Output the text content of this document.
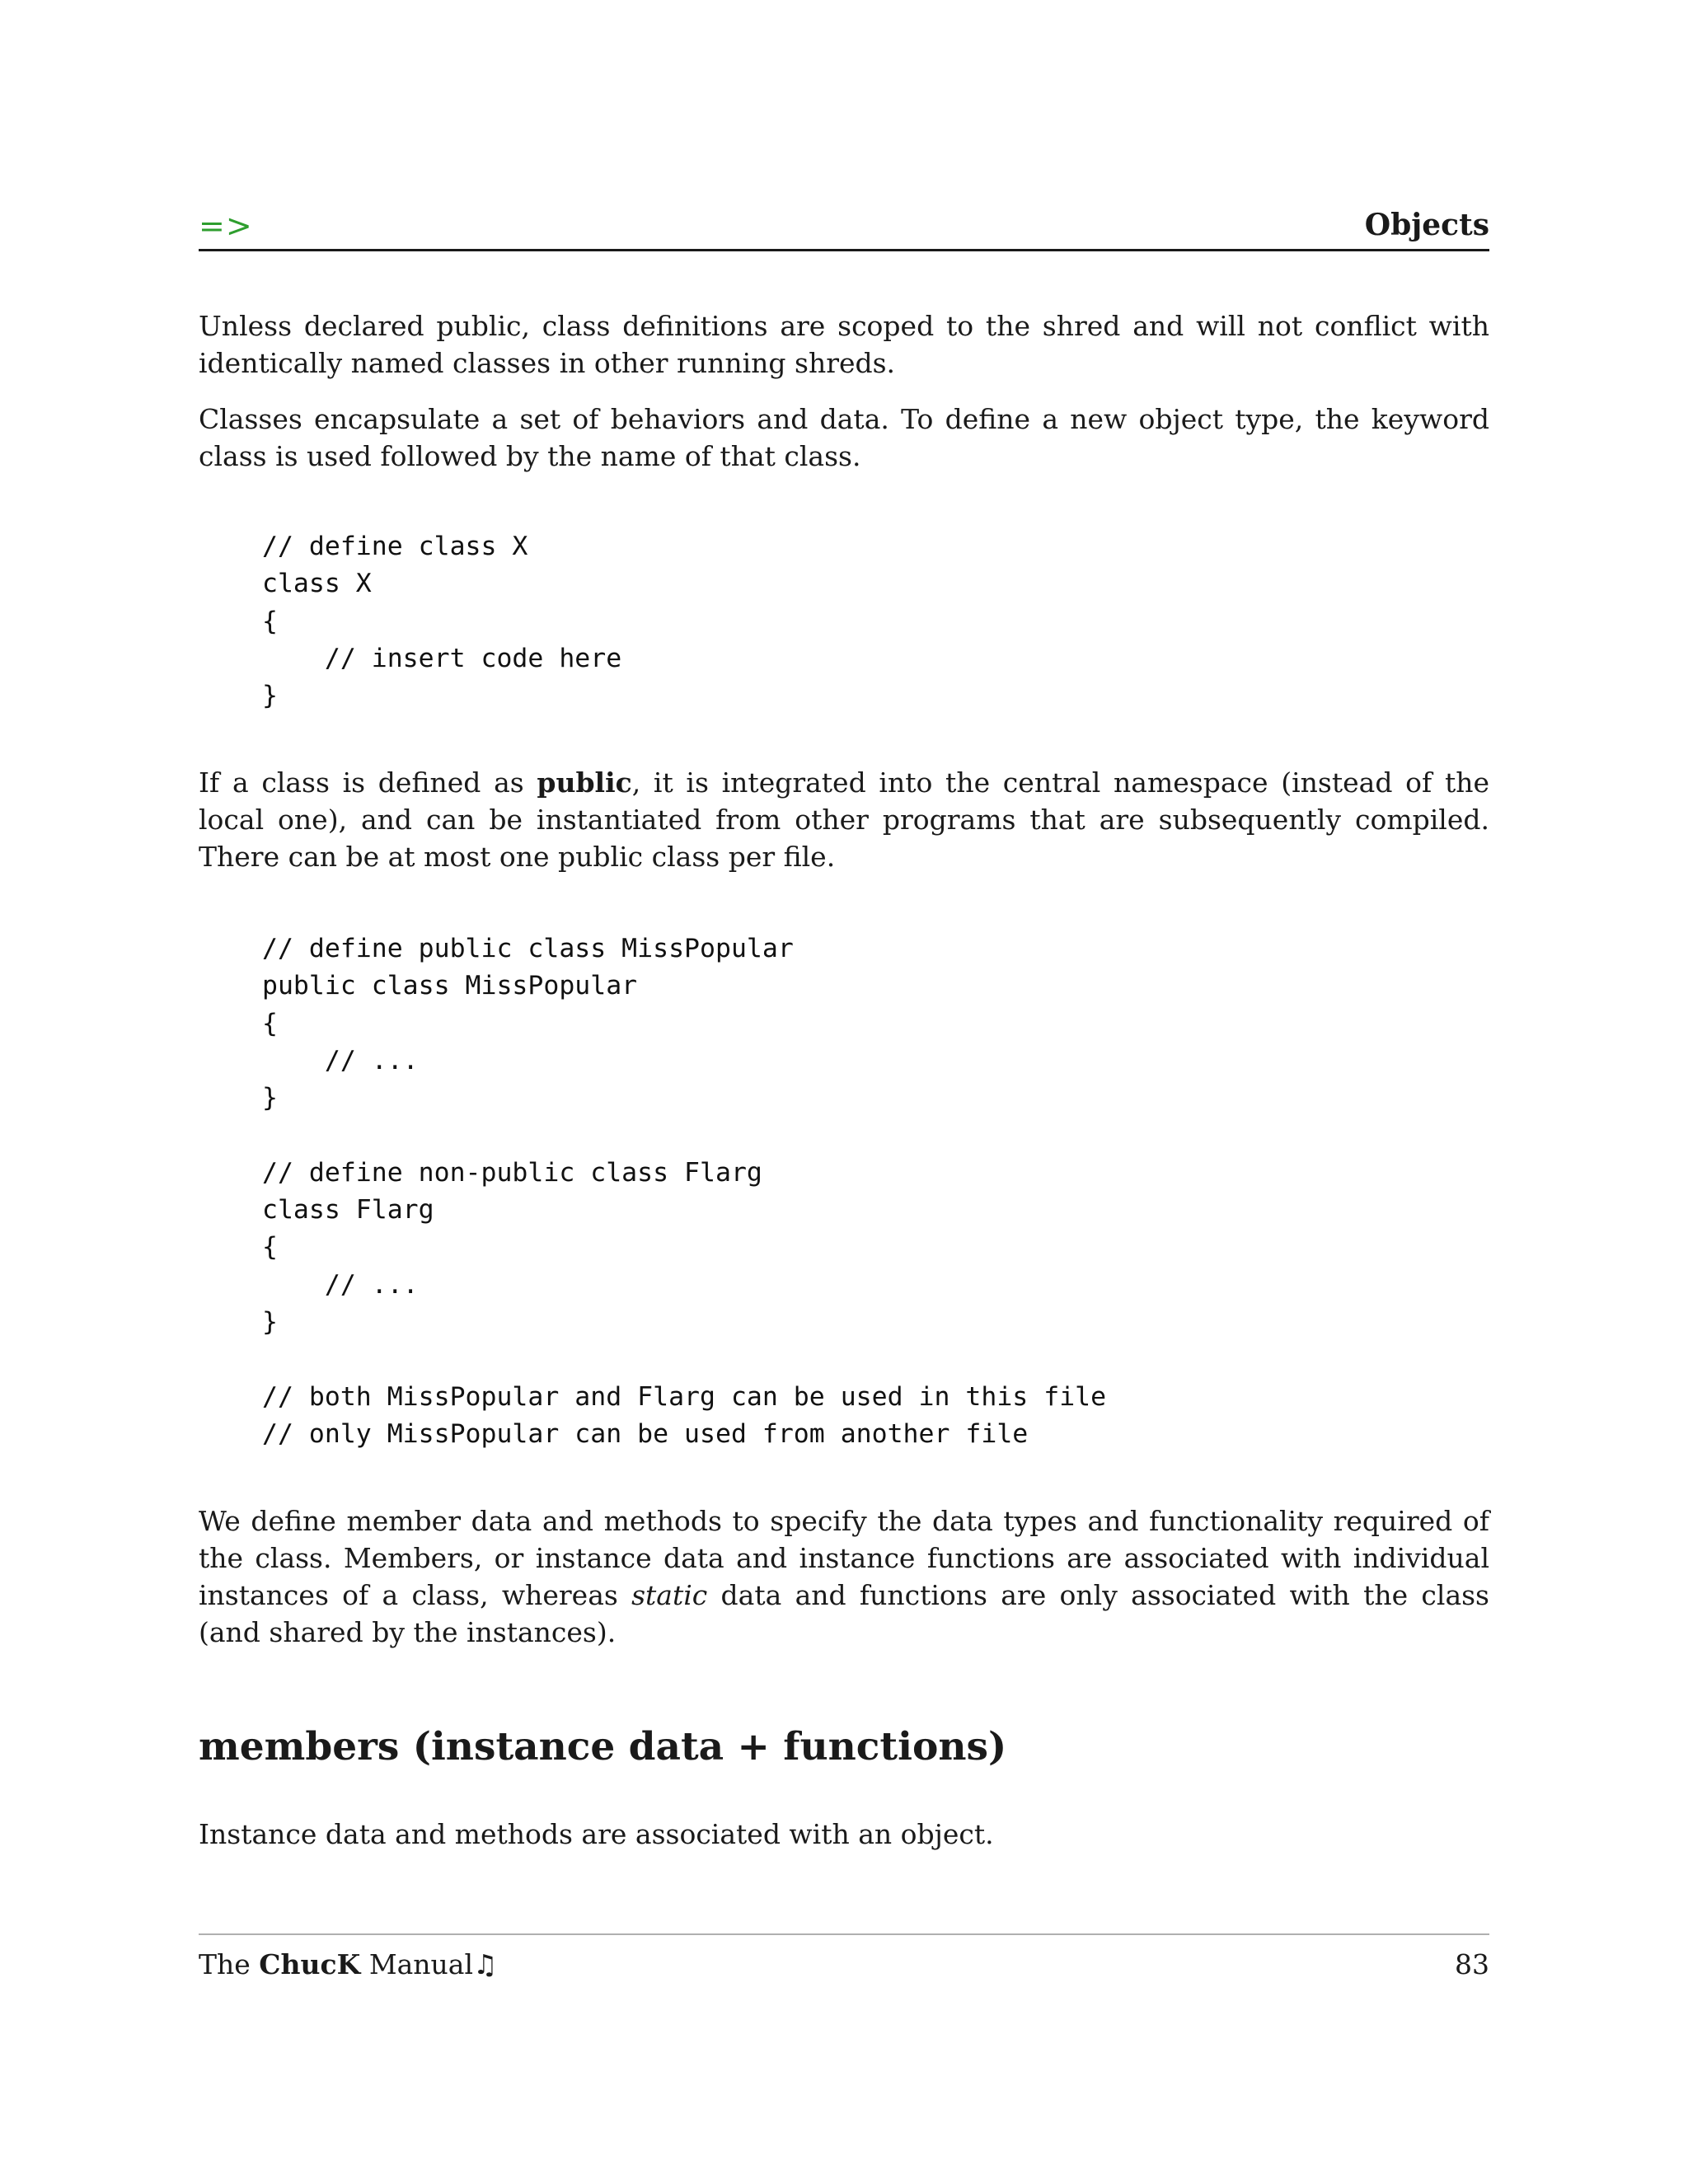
=>	Objects

Unless declared public, class definitions are scoped to the shred and will not conflict with identically named classes in other running shreds.

Classes encapsulate a set of behaviors and data. To define a new object type, the keyword class is used followed by the name of that class.

// define class X
class X
{
// insert code here
}

If a class is defined as public, it is integrated into the central namespace (instead of the local one), and can be instantiated from other programs that are subsequently compiled. There can be at most one public class per file.

// define public class MissPopular
public class MissPopular
{
// ...
}
// define non-public class Flarg
class Flarg
{
// ...
}
// both MissPopular and Flarg can be used in this file
// only MissPopular can be used from another file

We define member data and methods to specify the data types and functionality required of the class. Members, or instance data and instance functions are associated with individual instances of a class, whereas static data and functions are only associated with the class (and shared by the instances).

members (instance data + functions)

Instance data and methods are associated with an object.

The ChucK Manual♫	83
